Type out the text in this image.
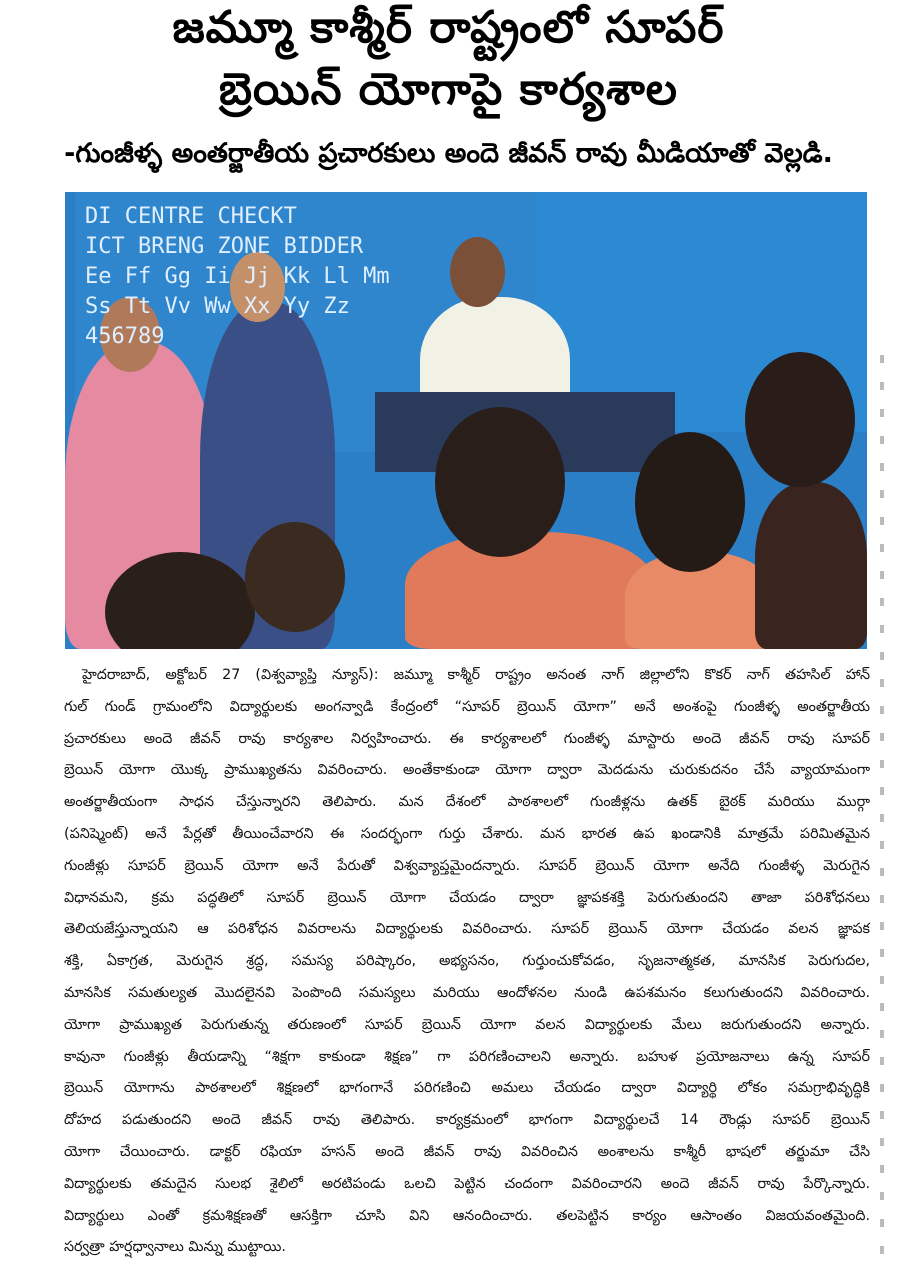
జమ్మూ కాశ్మీర్ రాష్ట్రంలో సూపర్
బ్రెయిన్ యోగాపై కార్యశాల
-గుంజీళ్ళ అంతర్జాతీయ ప్రచారకులు అందె జీవన్ రావు మీడియాతో వెల్లడి.
DI CENTRE CHECKT
ICT BRENG ZONE BIDDER
Ee Ff Gg Ii Jj Kk Ll Mm
Ss Tt Vv Ww Xx Yy Zz
456789
హైదరాబాద్, అక్టోబర్ 27 (విశ్వవ్యాప్తి న్యూస్): జమ్మూ కాశ్మీర్ రాష్ట్రం అనంత నాగ్ జిల్లాలోని కొకర్ నాగ్ తహసిల్ హాన్
గుల్ గుండ్ గ్రామంలోని విద్యార్థులకు అంగన్వాడి కేంద్రంలో “సూపర్ బ్రెయిన్ యోగా” అనే అంశంపై గుంజీళ్ళ అంతర్జాతీయ
ప్రచారకులు అందె జీవన్ రావు కార్యశాల నిర్వహించారు. ఈ కార్యశాలలో గుంజీళ్ళ మాస్టారు అందె జీవన్ రావు సూపర్
బ్రెయిన్ యోగా యొక్క ప్రాముఖ్యతను వివరించారు. అంతేకాకుండా యోగా ద్వారా మెదడును చురుకుదనం చేసే వ్యాయామంగా
అంతర్జాతీయంగా సాధన చేస్తున్నారని తెలిపారు. మన దేశంలో పాఠశాలలో గుంజీళ్లను ఉతక్ బైఠక్ మరియు ముర్గా
(పనిష్మెంట్) అనే పేర్లతో తీయించేవారని ఈ సందర్భంగా గుర్తు చేశారు. మన భారత ఉప ఖండానికి మాత్రమే పరిమితమైన
గుంజీళ్లు సూపర్ బ్రెయిన్ యోగా అనే పేరుతో విశ్వవ్యాప్తమైందన్నారు. సూపర్ బ్రెయిన్ యోగా అనేది గుంజీళ్ళ మెరుగైన
విధానమని, క్రమ పద్ధతిలో సూపర్ బ్రెయిన్ యోగా చేయడం ద్వారా జ్ఞాపకశక్తి పెరుగుతుందని తాజా పరిశోధనలు
తెలియజేస్తున్నాయని ఆ పరిశోధన వివరాలను విద్యార్థులకు వివరించారు. సూపర్ బ్రెయిన్ యోగా చేయడం వలన జ్ఞాపక
శక్తి, ఏకాగ్రత, మెరుగైన శ్రద్ధ, సమస్య పరిష్కారం, అభ్యసనం, గుర్తుంచుకోవడం, సృజనాత్మకత, మానసిక పెరుగుదల,
మానసిక సమతుల్యత మొదలైనవి పెంపొంది సమస్యలు మరియు ఆందోళనల నుండి ఉపశమనం కలుగుతుందని వివరించారు.
యోగా ప్రాముఖ్యత పెరుగుతున్న తరుణంలో సూపర్ బ్రెయిన్ యోగా వలన విద్యార్థులకు మేలు జరుగుతుందని అన్నారు.
కావునా గుంజీళ్లు తీయడాన్ని “శిక్షగా కాకుండా శిక్షణ” గా పరిగణించాలని అన్నారు. బహుళ ప్రయోజనాలు ఉన్న సూపర్
బ్రెయిన్ యోగాను పాఠశాలలో శిక్షణలో భాగంగానే పరిగణించి అమలు చేయడం ద్వారా విద్యార్థి లోకం సమగ్రాభివృద్ధికి
దోహద పడుతుందని అందె జీవన్ రావు తెలిపారు. కార్యక్రమంలో భాగంగా విద్యార్థులచే 14 రౌండ్లు సూపర్ బ్రెయిన్
యోగా చేయించారు. డాక్టర్ రఫియా హసన్ అందె జీవన్ రావు వివరించిన అంశాలను కాశ్మీరీ భాషలో తర్జుమా చేసి
విద్యార్థులకు తమదైన సులభ శైలిలో అరటిపండు ఒలచి పెట్టిన చందంగా వివరించారని అందె జీవన్ రావు పేర్కొన్నారు.
విద్యార్థులు ఎంతో క్రమశిక్షణతో ఆసక్తిగా చూసి విని ఆనందించారు. తలపెట్టిన కార్యం ఆసాంతం విజయవంతమైంది.
సర్వత్రా హర్షధ్వానాలు మిన్ను ముట్టాయి.
